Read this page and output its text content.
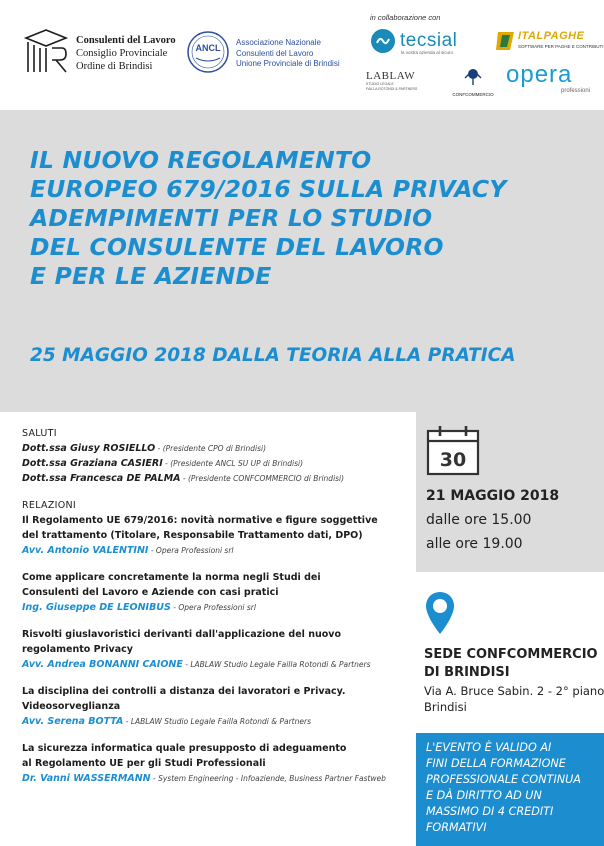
Consulenti del Lavoro
Consiglio Provinciale
Ordine di Brindisi
ANCL
Associazione Nazionale
Consulenti del Lavoro
Unione Provinciale di Brindisi
in collaborazione con
tecsial
la vostra azienda al sicuro
ITALPAGHE
SOFTWARE PER PAGHE E CONTRIBUTI
LABLAW
STUDIO LEGALE
FAILLA ROTONDI & PARTNERS
CONFCOMMERCIO
opera
professioni
IL NUOVO REGOLAMENTO
EUROPEO 679/2016 SULLA PRIVACY
ADEMPIMENTI PER LO STUDIO
DEL CONSULENTE DEL LAVORO
E PER LE AZIENDE
25 MAGGIO 2018 DALLA TEORIA ALLA PRATICA
SALUTI
Dott.ssa Giusy ROSIELLO - (Presidente CPO di Brindisi)
Dott.ssa Graziana CASIERI - (Presidente ANCL SU UP di Brindisi)
Dott.ssa Francesca DE PALMA - (Presidente CONFCOMMERCIO di Brindisi)
RELAZIONI
Il Regolamento UE 679/2016: novità normative e figure soggettive
del trattamento (Titolare, Responsabile Trattamento dati, DPO)
Avv. Antonio VALENTINI - Opera Professioni srl
Come applicare concretamente la norma negli Studi dei
Consulenti del Lavoro e Aziende con casi pratici
Ing. Giuseppe DE LEONIBUS - Opera Professioni srl
Risvolti giuslavoristici derivanti dall'applicazione del nuovo
regolamento Privacy
Avv. Andrea BONANNI CAIONE - LABLAW Studio Legale Failla Rotondi & Partners
La disciplina dei controlli a distanza dei lavoratori e Privacy.
Videosorveglianza
Avv. Serena BOTTA - LABLAW Studio Legale Failla Rotondi & Partners
La sicurezza informatica quale presupposto di adeguamento
al Regolamento UE per gli Studi Professionali
Dr. Vanni WASSERMANN - System Engineering - Infoaziende, Business Partner Fastweb
30
21 MAGGIO 2018
dalle ore 15.00
alle ore 19.00
SEDE CONFCOMMERCIO
DI BRINDISI
Via A. Bruce Sabin. 2 - 2° piano
Brindisi
L'EVENTO È VALIDO AI
FINI DELLA FORMAZIONE
PROFESSIONALE CONTINUA
E DÀ DIRITTO AD UN
MASSIMO DI 4 CREDITI
FORMATIVI
